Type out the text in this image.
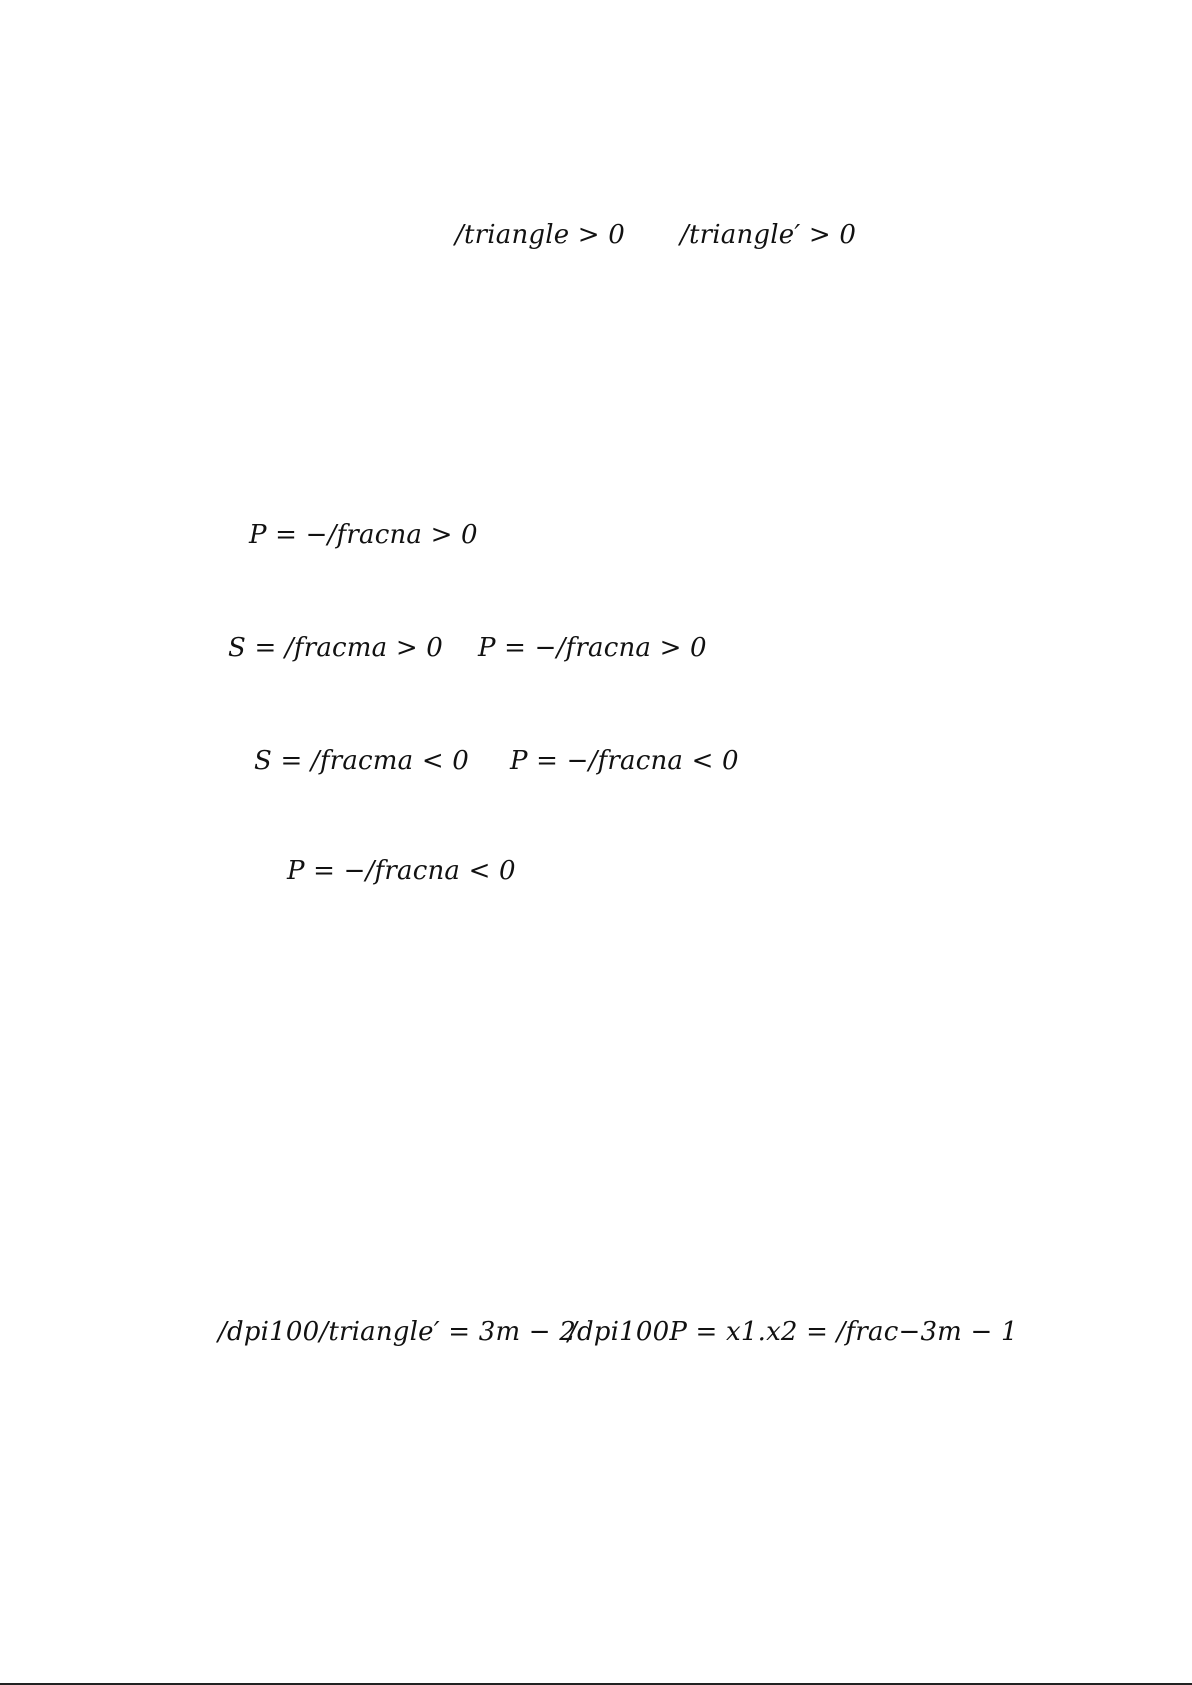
/triangle > 0 /triangle′ > 0
P = −/fracna > 0
S = /fracma > 0 P = −/fracna > 0
S = /fracma < 0 P = −/fracna < 0
P = −/fracna < 0
/dpi100/triangle′ = 3m − 2
/dpi100P = x1.x2 = /frac−3m − 1
